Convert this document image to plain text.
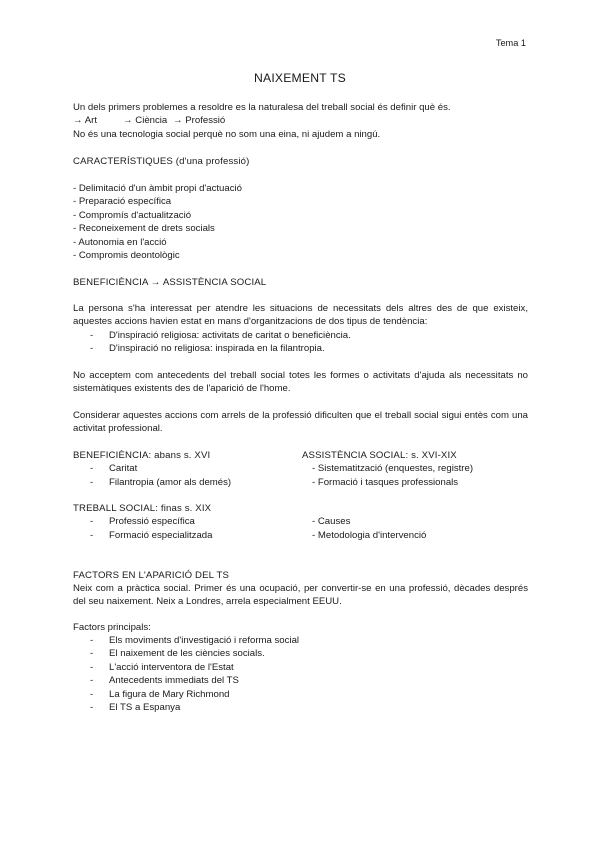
Tema 1
NAIXEMENT TS
Un dels primers problemes a resoldre es la naturalesa del treball social és definir què és.
→ Art	→ Ciència → Professió
No és una tecnologia social perquè no som una eina, ni ajudem a ningú.
CARACTERÍSTIQUES (d'una professió)
- Delimitació d'un àmbit propi d'actuació
- Preparació específica
- Compromís d'actualització
- Reconeixement de drets socials
- Autonomia en l'acció
- Compromis deontològic
BENEFICIÈNCIA → ASSISTÈNCIA SOCIAL
La persona s'ha interessat per atendre les situacions de necessitats dels altres des de que existeix, aquestes accions havien estat en mans d'organitzacions de dos tipus de tendència:
- D'inspiració religiosa: activitats de caritat o beneficiència.
- D'inspiració no religiosa: inspirada en la filantropia.
No acceptem com antecedents del treball social totes les formes o activitats d'ajuda als necessitats no sistemàtiques existents des de l'aparició de l'home.
Considerar aquestes accions com arrels de la professió dificulten que el treball social sigui entès com una activitat professional.
BENEFICIÈNCIA: abans s. XVI	ASSISTÈNCIA SOCIAL: s. XVI-XIX
- Caritat	- Sistematització (enquestes, registre)
- Filantropia (amor als demés)	- Formació i tasques professionals
TREBALL SOCIAL: finas s. XIX
- Professió específica	- Causes
- Formació especialitzada	- Metodologia d'intervenció
FACTORS EN L'APARICIÓ DEL TS
Neix com a pràctica social. Primer és una ocupació, per convertir-se en una professió, dècades després del seu naixement. Neix a Londres, arrela especialment EEUU.
Factors principals:
- Els moviments d'investigació i reforma social
- El naixement de les ciències socials.
- L'acció interventora de l'Estat
- Antecedents immediats del TS
- La figura de Mary Richmond
- El TS a Espanya
